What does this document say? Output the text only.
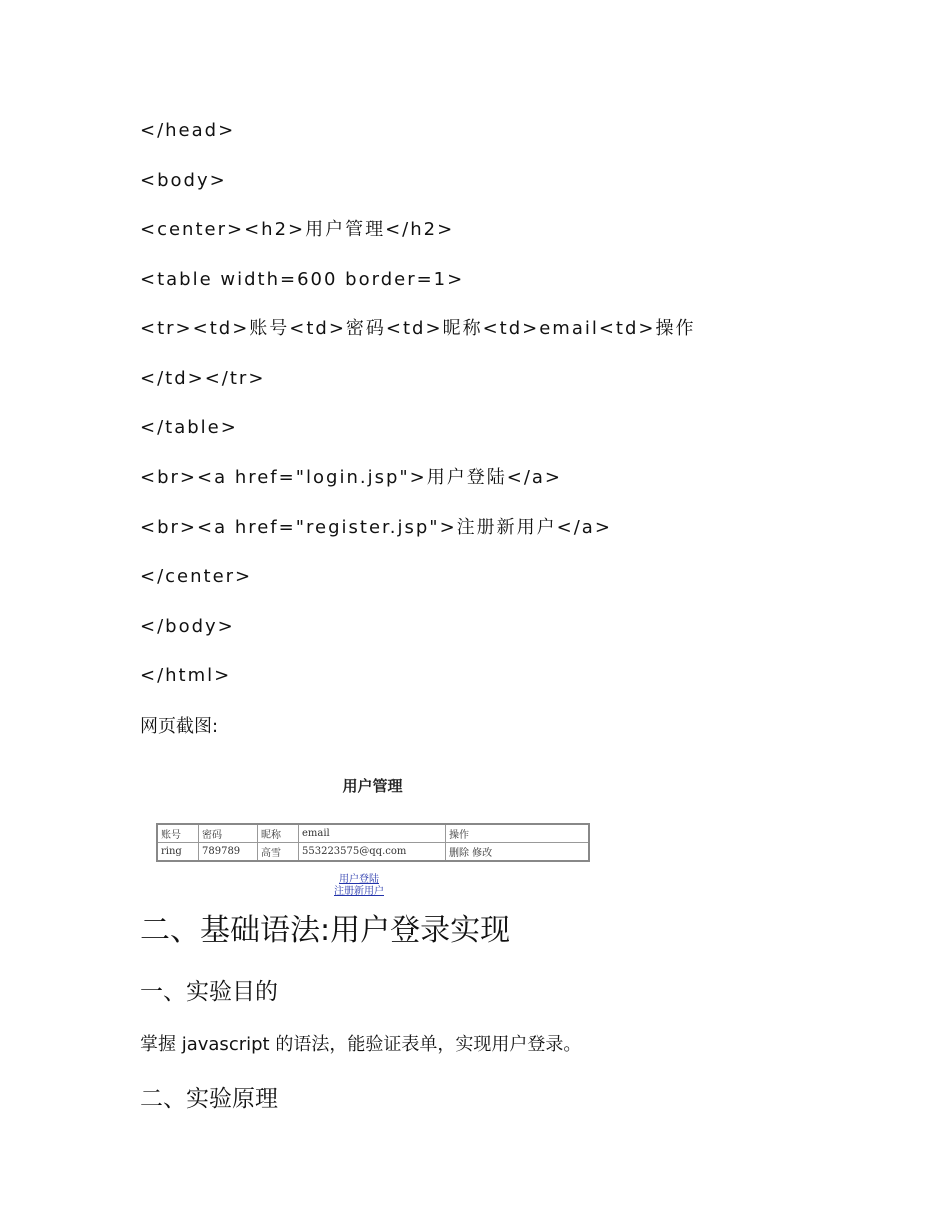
</head>
<body>
<center><h2>用户管理</h2>
<table width=600 border=1>
<tr><td>账号<td>密码<td>昵称<td>email<td>操作
</td></tr>
</table>
<br><a href="login.jsp">用户登陆</a>
<br><a href="register.jsp">注册新用户</a>
</center>
</body>
</html>
网页截图:
用户管理
账号	密码	昵称	email	操作
ring	789789	高雪	553223575@qq.com	删除 修改
用户登陆
注册新用户
二、基础语法:用户登录实现
一、实验目的
掌握 javascript 的语法，能验证表单，实现用户登录。
二、实验原理
